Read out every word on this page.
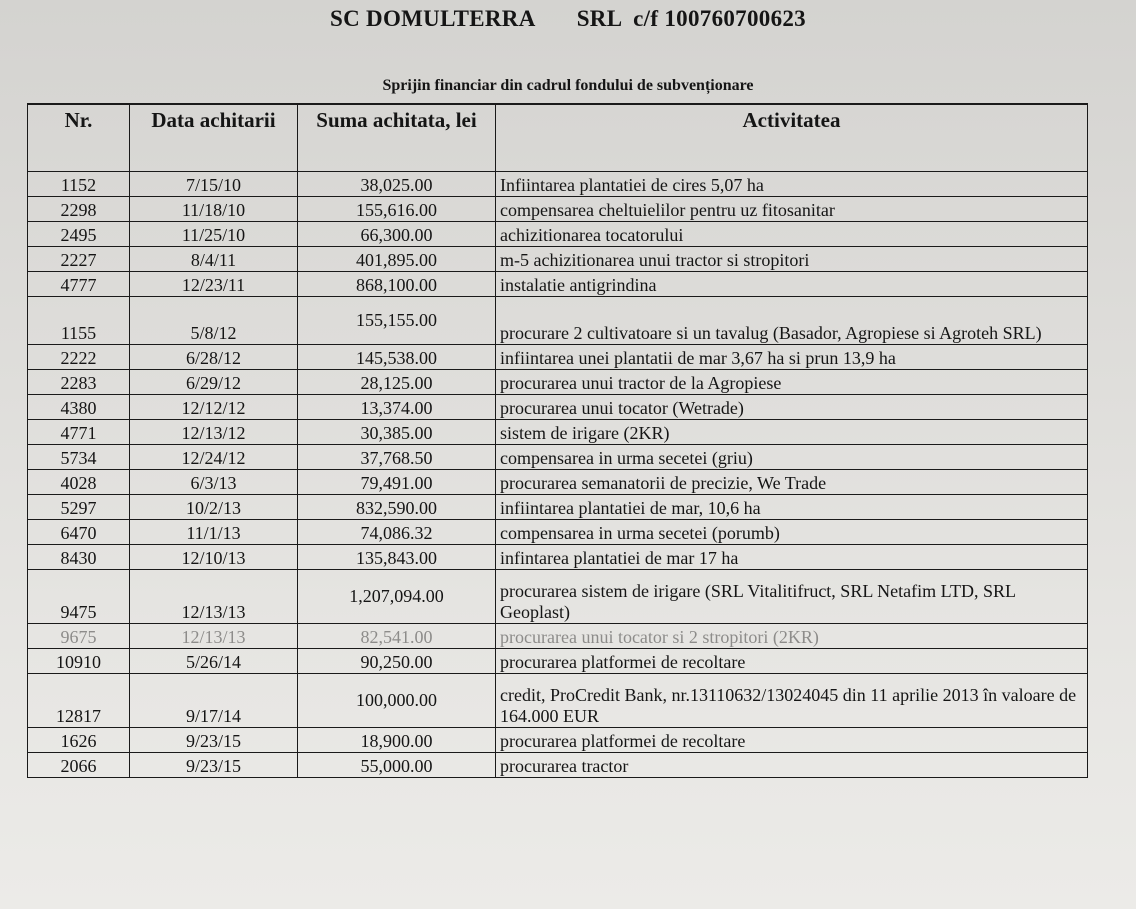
SC DOMULTERRA       SRL  c/f 100760700623
Sprijin financiar din cadrul fondului de subvenționare
Nr.	Data achitarii	Suma achitata, lei	Activitatea
1152	7/15/10	38,025.00	Infiintarea plantatiei de cires 5,07 ha
2298	11/18/10	155,616.00	compensarea cheltuielilor pentru uz fitosanitar
2495	11/25/10	66,300.00	achizitionarea tocatorului
2227	8/4/11	401,895.00	m-5 achizitionarea unui tractor si stropitori
4777	12/23/11	868,100.00	instalatie antigrindina
1155	5/8/12	155,155.00	procurare 2 cultivatoare si un tavalug (Basador, Agropiese si Agroteh SRL)
2222	6/28/12	145,538.00	infiintarea unei plantatii de mar 3,67 ha si prun 13,9 ha
2283	6/29/12	28,125.00	procurarea unui tractor de la Agropiese
4380	12/12/12	13,374.00	procurarea unui tocator (Wetrade)
4771	12/13/12	30,385.00	sistem de irigare (2KR)
5734	12/24/12	37,768.50	compensarea in urma secetei (griu)
4028	6/3/13	79,491.00	procurarea semanatorii de precizie, We Trade
5297	10/2/13	832,590.00	infiintarea plantatiei de mar, 10,6 ha
6470	11/1/13	74,086.32	compensarea in urma secetei (porumb)
8430	12/10/13	135,843.00	infintarea plantatiei de mar 17 ha
9475	12/13/13	1,207,094.00	procurarea sistem de irigare (SRL Vitalitifruct, SRL Netafim LTD, SRL Geoplast)
9675	12/13/13	82,541.00	procurarea unui tocator si 2 stropitori (2KR)
10910	5/26/14	90,250.00	procurarea platformei de recoltare
12817	9/17/14	100,000.00	credit, ProCredit Bank, nr.13110632/13024045 din 11 aprilie 2013 în valoare de 164.000 EUR
1626	9/23/15	18,900.00	procurarea platformei de recoltare
2066	9/23/15	55,000.00	procurarea tractor
